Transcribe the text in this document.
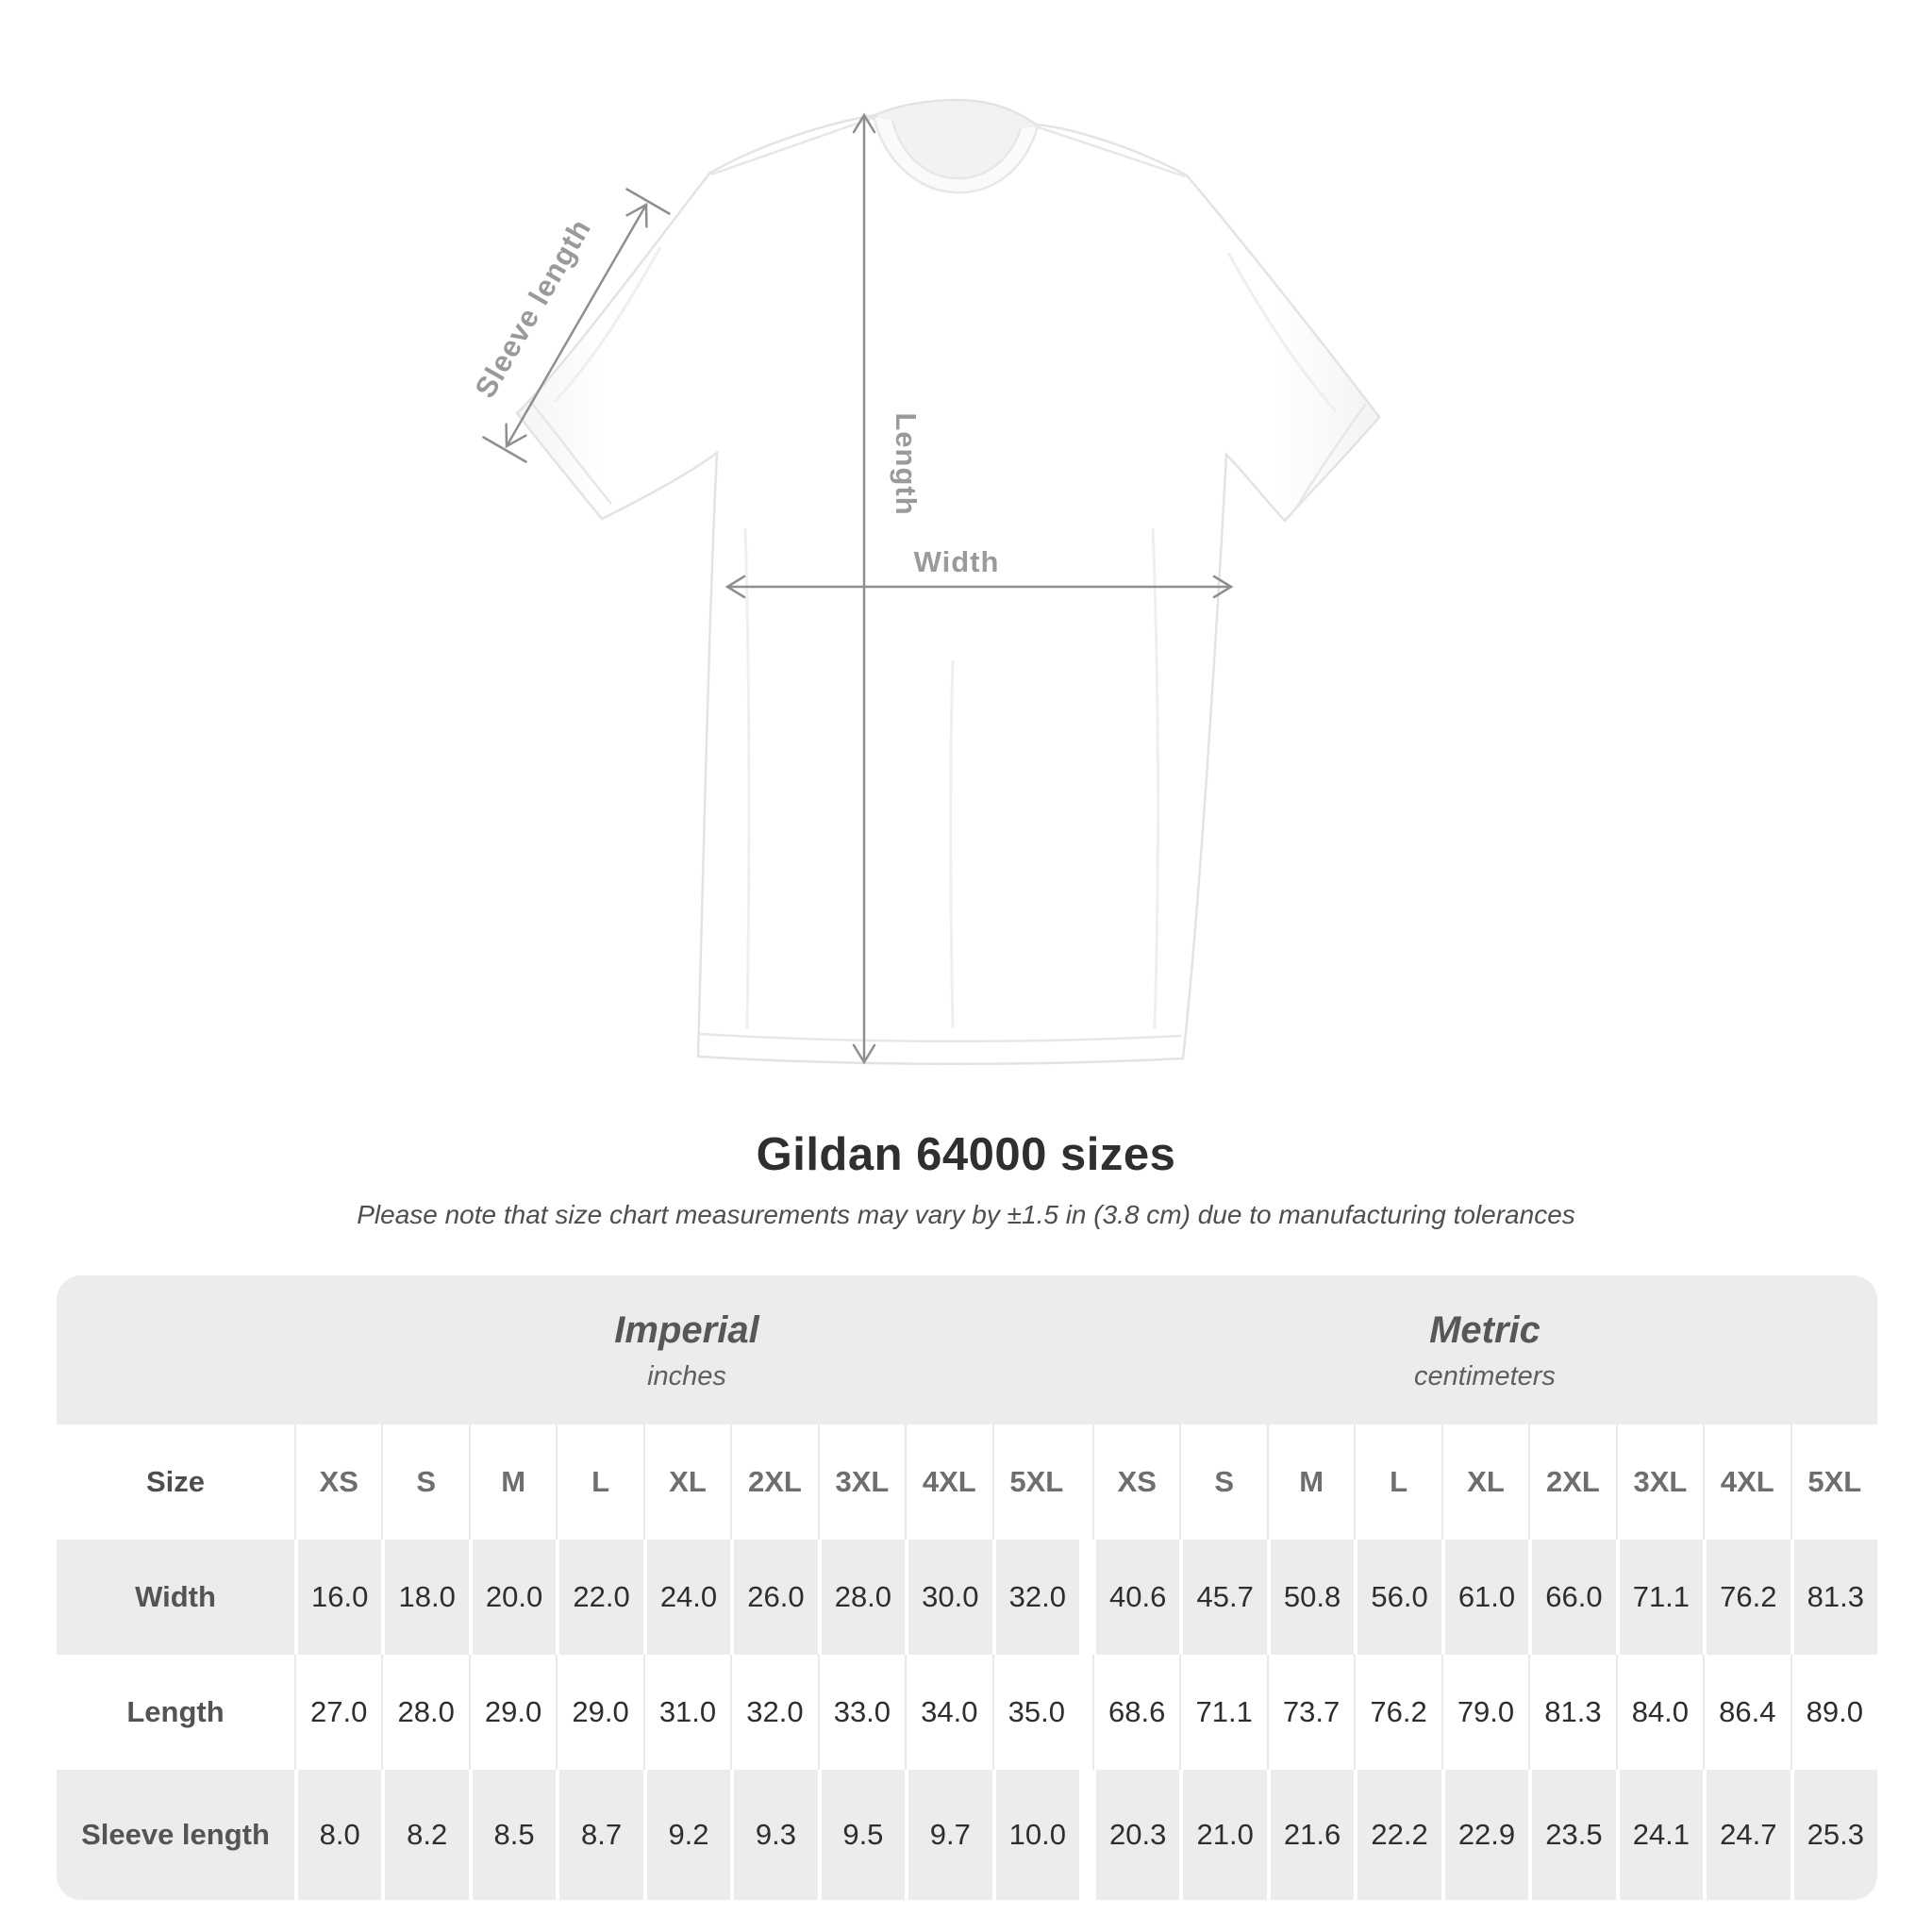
Length
Width
Sleeve length
Gildan 64000 sizes

Please note that size chart measurements may vary by ±1.5 in (3.8 cm) due to manufacturing tolerances

Imperial
inches
Metric
centimeters
Size	XS	S	M	L	XL	2XL	3XL	4XL	5XL	XS	S	M	L	XL	2XL	3XL	4XL	5XL
Width	16.0	18.0	20.0	22.0	24.0	26.0	28.0	30.0	32.0	40.6	45.7	50.8	56.0	61.0	66.0	71.1	76.2	81.3
Length	27.0	28.0	29.0	29.0	31.0	32.0	33.0	34.0	35.0	68.6	71.1	73.7	76.2	79.0	81.3	84.0	86.4	89.0
Sleeve length	8.0	8.2	8.5	8.7	9.2	9.3	9.5	9.7	10.0	20.3	21.0	21.6	22.2	22.9	23.5	24.1	24.7	25.3
